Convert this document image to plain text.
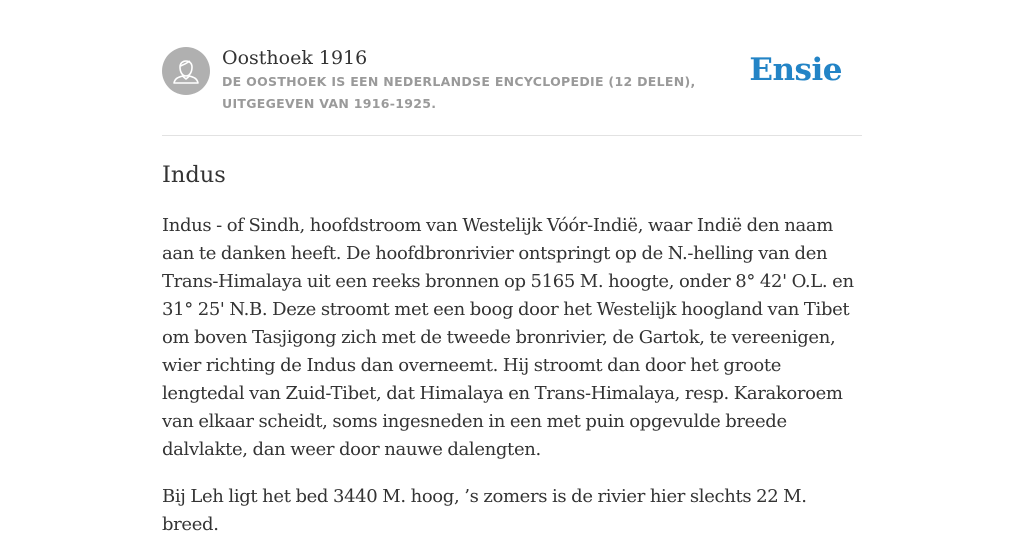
Oosthoek 1916
DE OOSTHOEK IS EEN NEDERLANDSE ENCYCLOPEDIE (12 DELEN), UITGEGEVEN VAN 1916-1925.
Ensie
Indus

Indus - of Sindh, hoofdstroom van Westelijk Vóór-Indië, waar Indië den naam aan te danken heeft. De hoofdbronrivier ontspringt op de N.-helling van den Trans-Himalaya uit een reeks bronnen op 5165 M. hoogte, onder 8° 42' O.L. en 31° 25' N.B. Deze stroomt met een boog door het Westelijk hoogland van Tibet om boven Tasjigong zich met de tweede bronrivier, de Gartok, te vereenigen, wier richting de Indus dan overneemt. Hij stroomt dan door het groote lengtedal van Zuid-Tibet, dat Himalaya en Trans-Himalaya, resp. Karakoroem van elkaar scheidt, soms ingesneden in een met puin opgevulde breede dalvlakte, dan weer door nauwe dalengten.

Bij Leh ligt het bed 3440 M. hoog, ’s zomers is de rivier hier slechts 22 M. breed.
